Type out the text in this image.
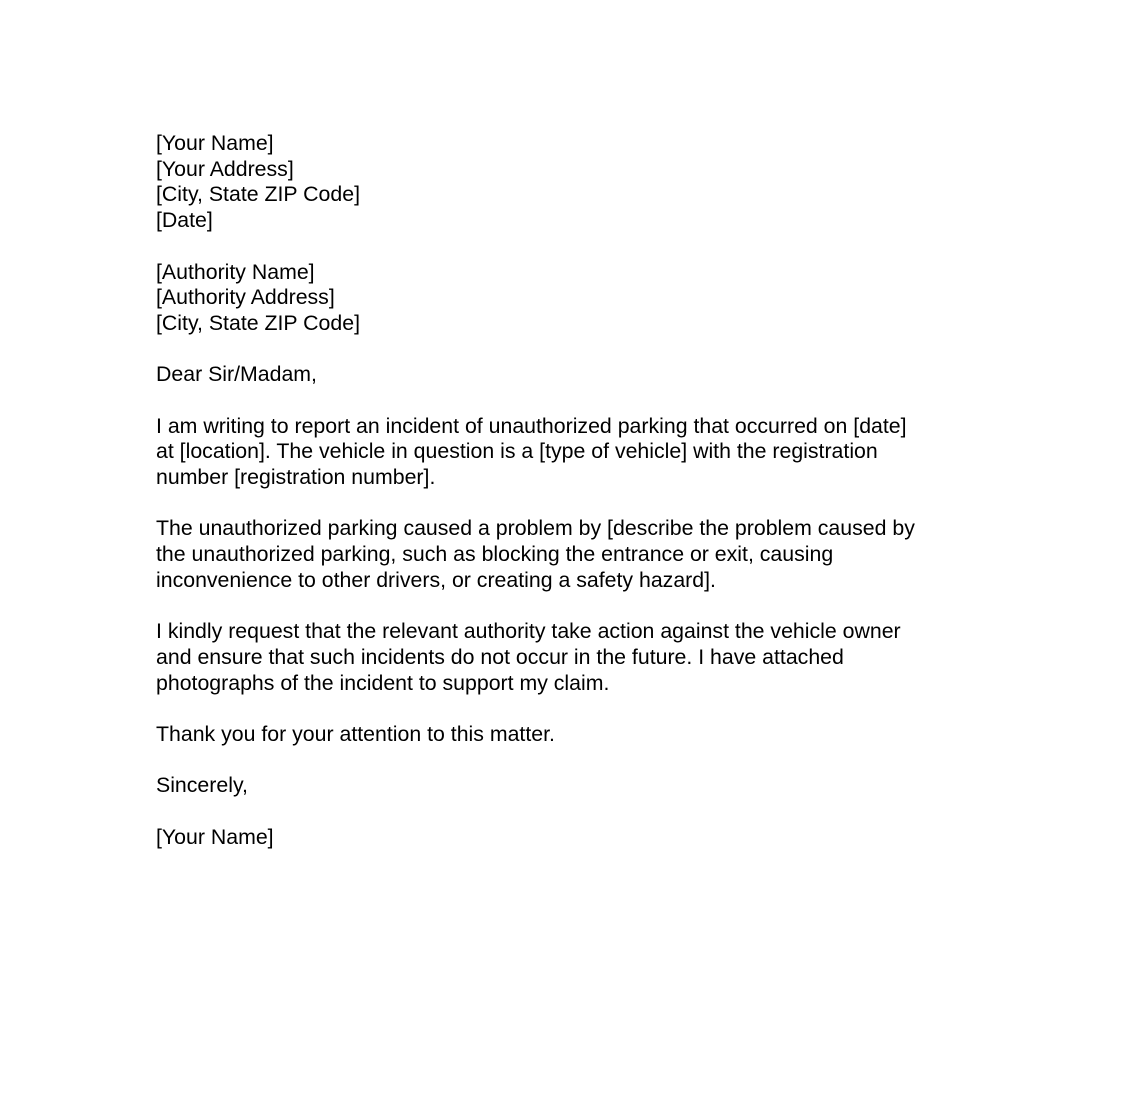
[Your Name]
[Your Address]
[City, State ZIP Code]
[Date]
[Authority Name]
[Authority Address]
[City, State ZIP Code]
Dear Sir/Madam,
I am writing to report an incident of unauthorized parking that occurred on [date]
at [location]. The vehicle in question is a [type of vehicle] with the registration
number [registration number].
The unauthorized parking caused a problem by [describe the problem caused by
the unauthorized parking, such as blocking the entrance or exit, causing
inconvenience to other drivers, or creating a safety hazard].
I kindly request that the relevant authority take action against the vehicle owner
and ensure that such incidents do not occur in the future. I have attached
photographs of the incident to support my claim.
Thank you for your attention to this matter.
Sincerely,
[Your Name]
